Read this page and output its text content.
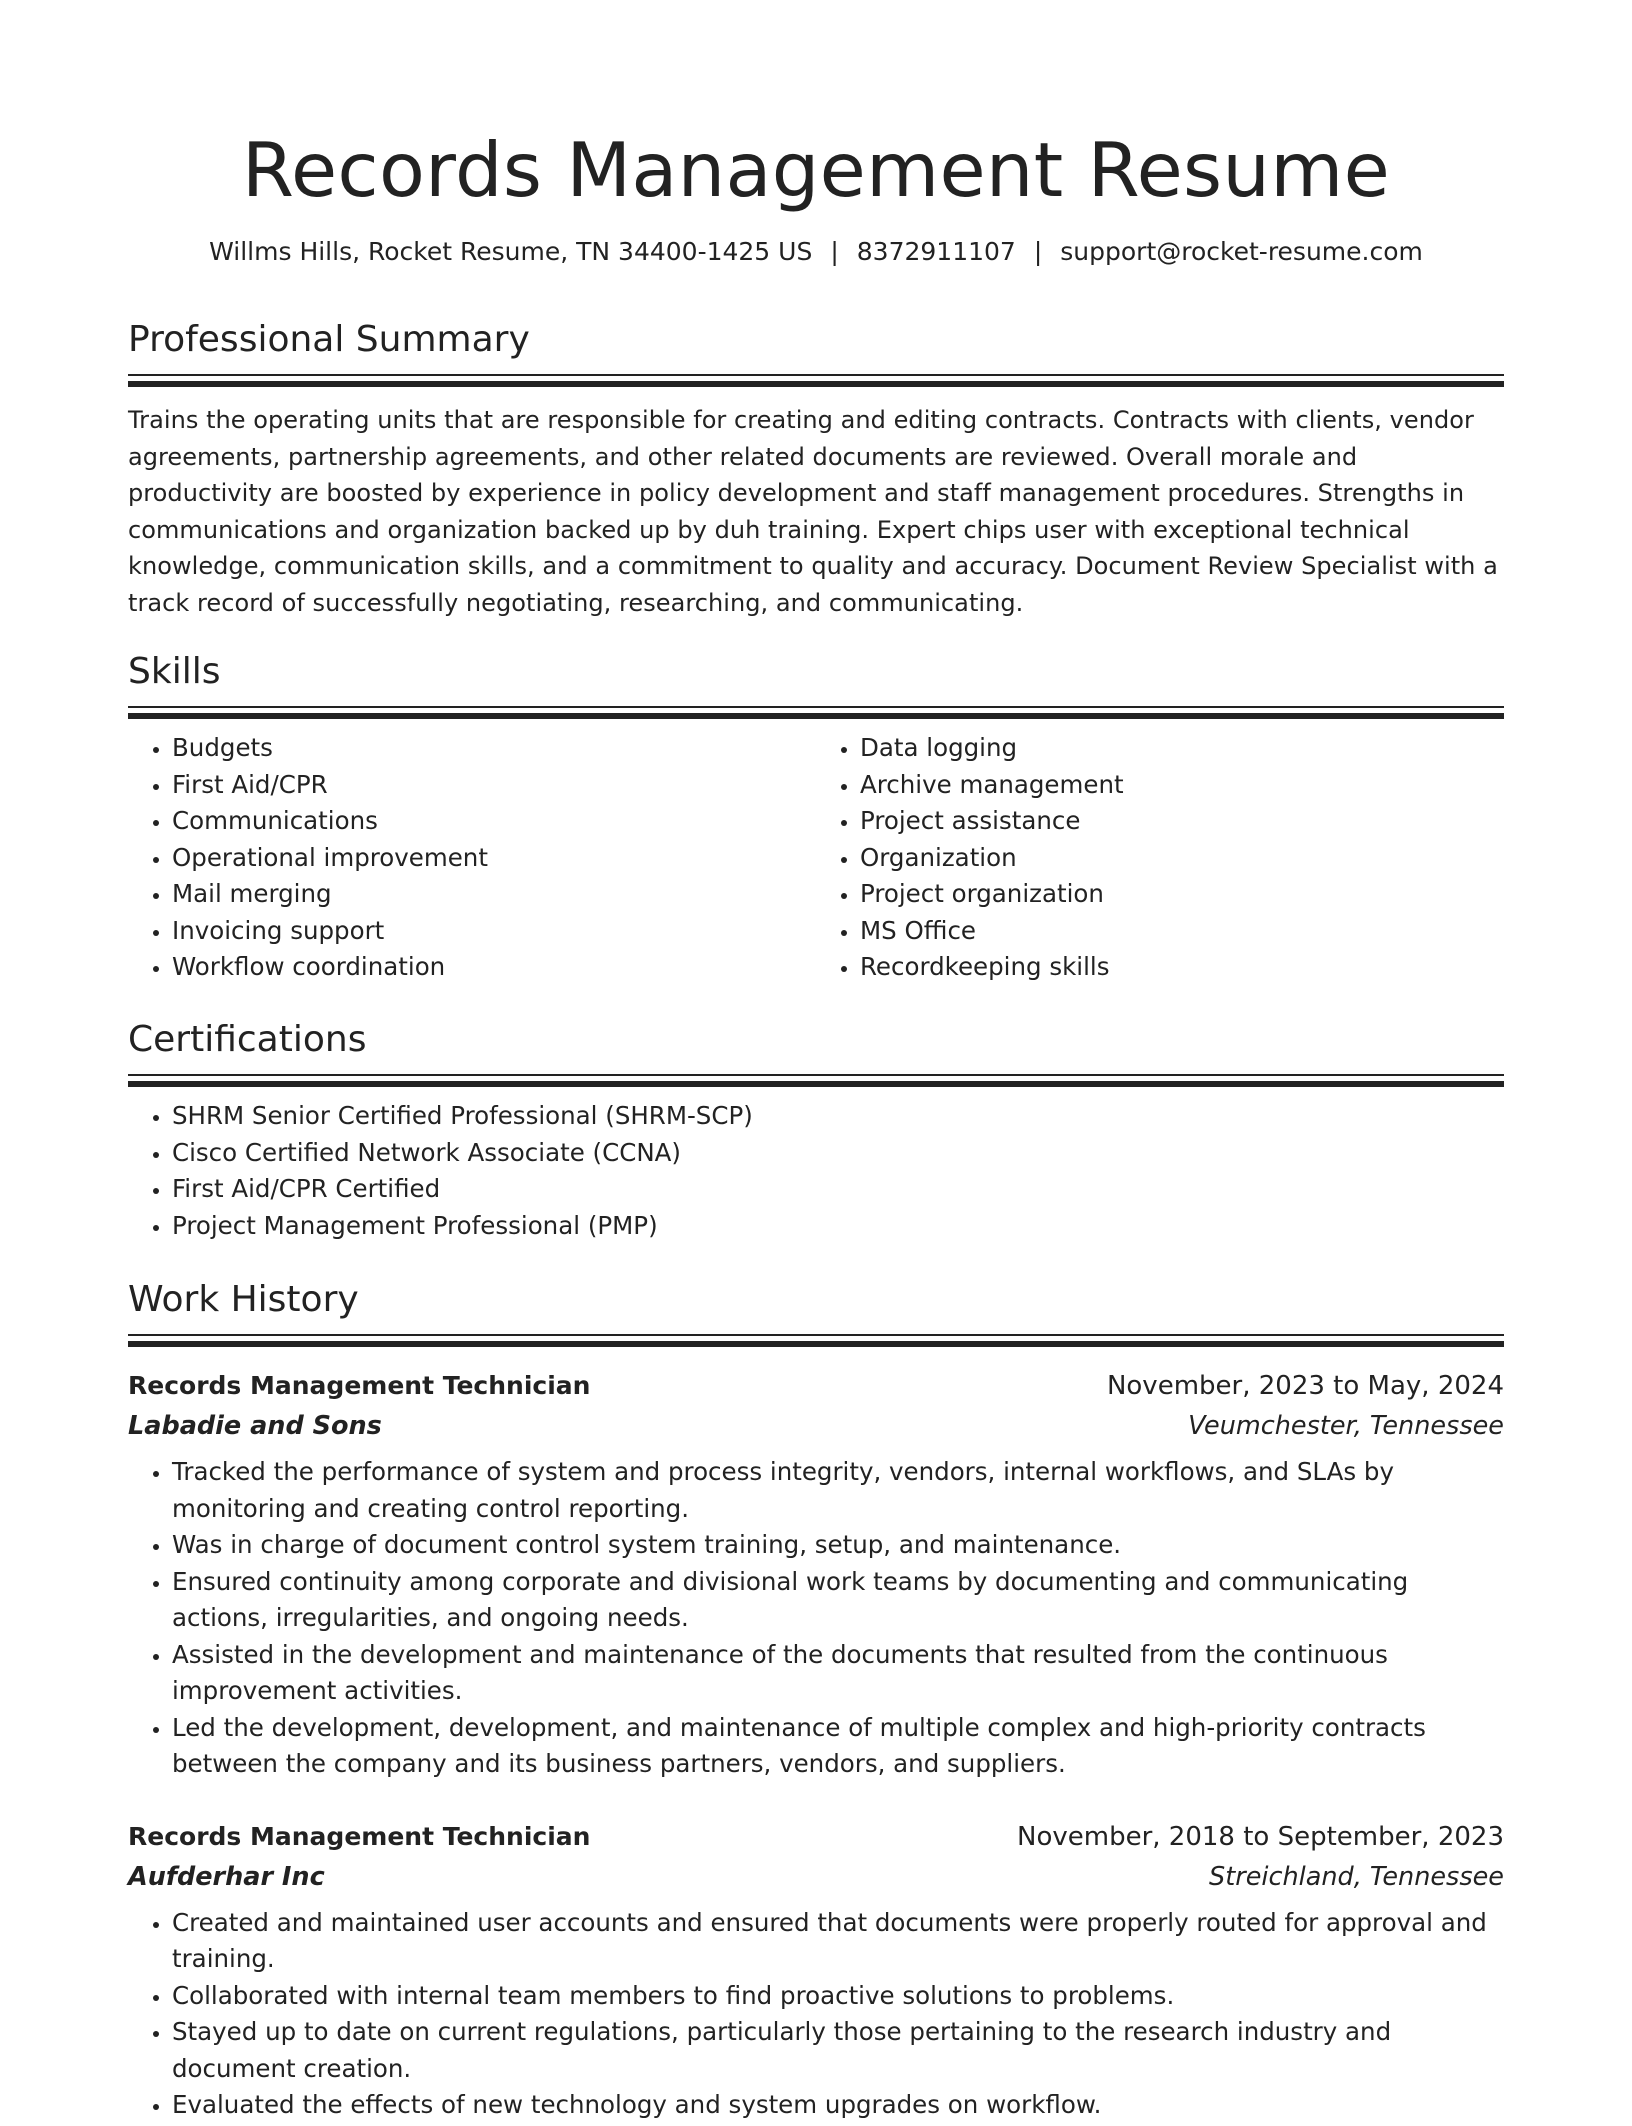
Records Management Resume
Willms Hills, Rocket Resume, TN 34400-1425 US | 8372911107 | support@rocket-resume.com
Professional Summary
Trains the operating units that are responsible for creating and editing contracts. Contracts with clients, vendor agreements, partnership agreements, and other related documents are reviewed. Overall morale and productivity are boosted by experience in policy development and staff management procedures. Strengths in communications and organization backed up by duh training. Expert chips user with exceptional technical knowledge, communication skills, and a commitment to quality and accuracy. Document Review Specialist with a track record of successfully negotiating, researching, and communicating.
Skills
• Budgets
• First Aid/CPR
• Communications
• Operational improvement
• Mail merging
• Invoicing support
• Workflow coordination
• Data logging
• Archive management
• Project assistance
• Organization
• Project organization
• MS Office
• Recordkeeping skills
Certifications
• SHRM Senior Certified Professional (SHRM-SCP)
• Cisco Certified Network Associate (CCNA)
• First Aid/CPR Certified
• Project Management Professional (PMP)
Work History
Records Management Technician	November, 2023 to May, 2024
Labadie and Sons	Veumchester, Tennessee
• Tracked the performance of system and process integrity, vendors, internal workflows, and SLAs by monitoring and creating control reporting.
• Was in charge of document control system training, setup, and maintenance.
• Ensured continuity among corporate and divisional work teams by documenting and communicating actions, irregularities, and ongoing needs.
• Assisted in the development and maintenance of the documents that resulted from the continuous improvement activities.
• Led the development, development, and maintenance of multiple complex and high-priority contracts between the company and its business partners, vendors, and suppliers.
Records Management Technician	November, 2018 to September, 2023
Aufderhar Inc	Streichland, Tennessee
• Created and maintained user accounts and ensured that documents were properly routed for approval and training.
• Collaborated with internal team members to find proactive solutions to problems.
• Stayed up to date on current regulations, particularly those pertaining to the research industry and document creation.
• Evaluated the effects of new technology and system upgrades on workflow.
